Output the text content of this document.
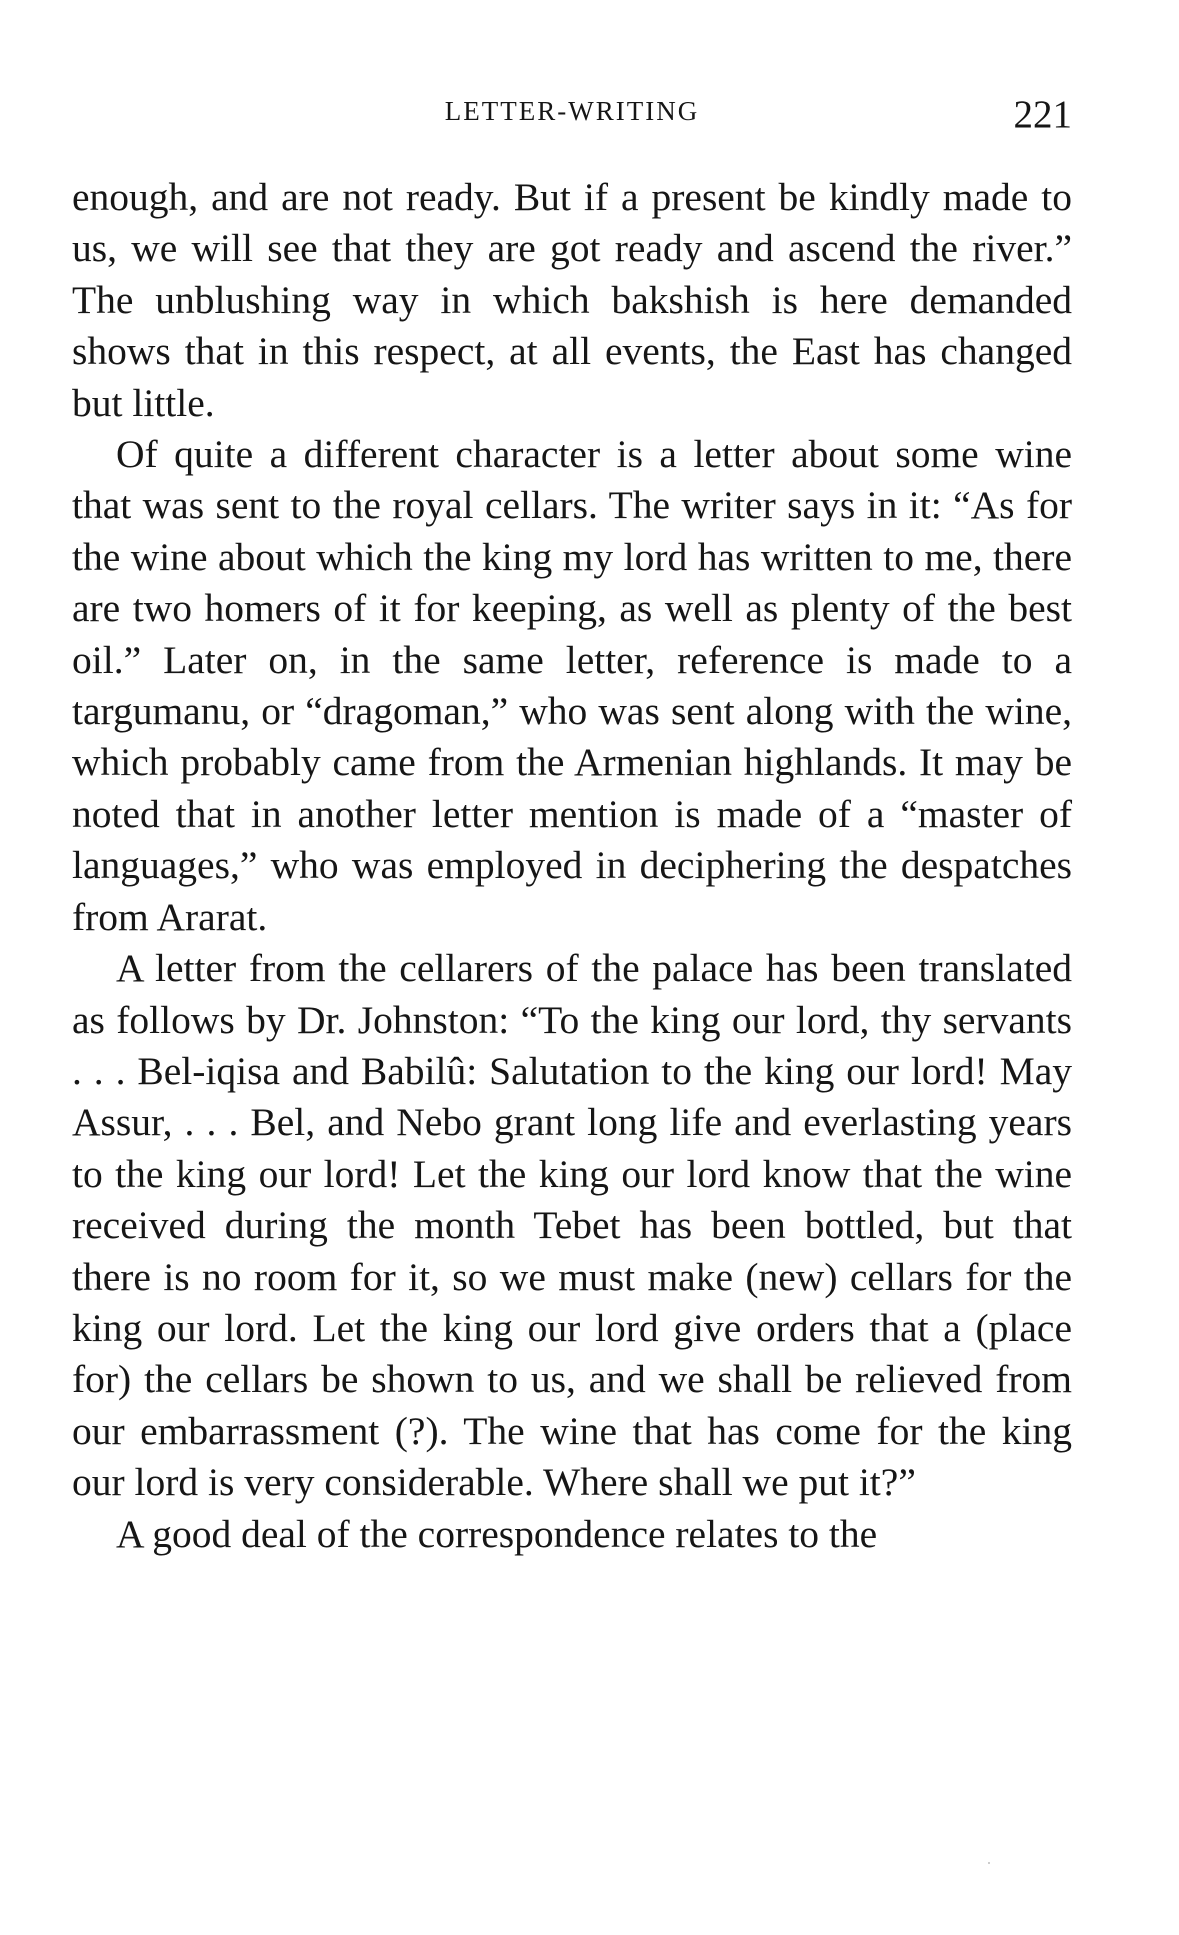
LETTER-WRITING	221

enough, and are not ready. But if a present be kindly made to us, we will see that they are got ready and ascend the river.” The unblushing way in which bakshish is here demanded shows that in this respect, at all events, the East has changed but little.

Of quite a different character is a letter about some wine that was sent to the royal cellars. The writer says in it: “As for the wine about which the king my lord has written to me, there are two homers of it for keeping, as well as plenty of the best oil.” Later on, in the same letter, reference is made to a targumanu, or “dragoman,” who was sent along with the wine, which probably came from the Armenian highlands. It may be noted that in another letter mention is made of a “master of languages,” who was employed in deciphering the despatches from Ararat.

A letter from the cellarers of the palace has been translated as follows by Dr. Johnston: “To the king our lord, thy servants . . . Bel-iqisa and Babilû: Salutation to the king our lord! May Assur, . . . Bel, and Nebo grant long life and everlasting years to the king our lord! Let the king our lord know that the wine received during the month Tebet has been bottled, but that there is no room for it, so we must make (new) cellars for the king our lord. Let the king our lord give orders that a (place for) the cellars be shown to us, and we shall be relieved from our embarrassment (?). The wine that has come for the king our lord is very considerable. Where shall we put it?”

A good deal of the correspondence relates to the
